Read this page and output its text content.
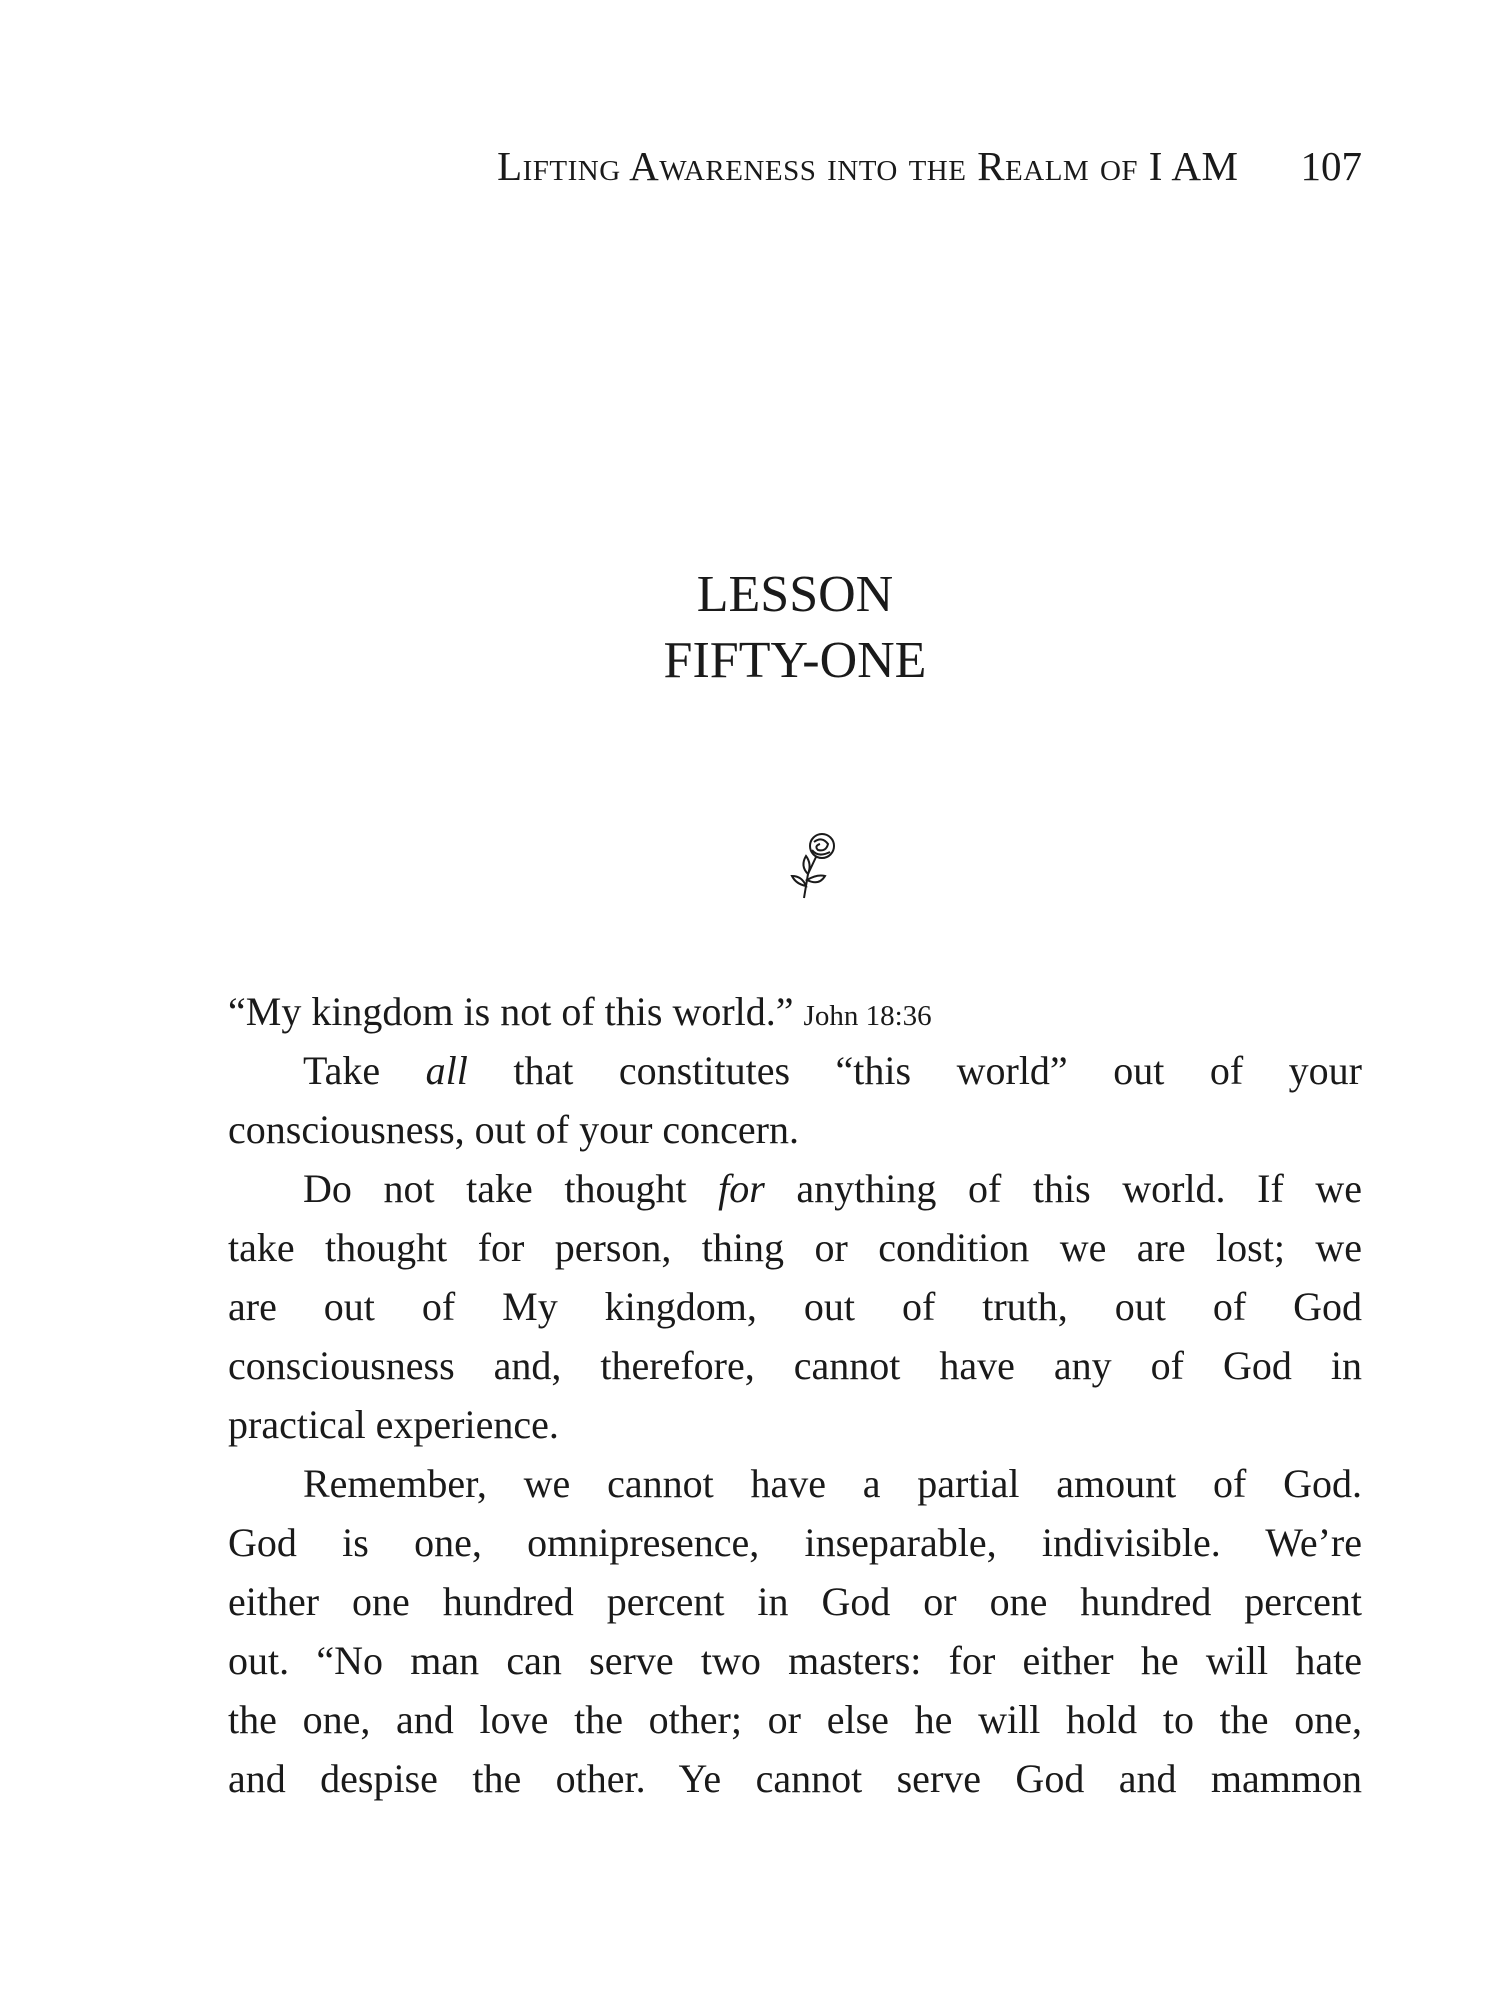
Lifting Awareness into the Realm of I AM 107
LESSON
FIFTY-ONE
“My kingdom is not of this world.” John 18:36
Take all that constitutes “this world” out of your
consciousness, out of your concern.
Do not take thought for anything of this world. If we
take thought for person, thing or condition we are lost; we
are out of My kingdom, out of truth, out of God
consciousness and, therefore, cannot have any of God in
practical experience.
Remember, we cannot have a partial amount of God.
God is one, omnipresence, inseparable, indivisible. We’re
either one hundred percent in God or one hundred percent
out. “No man can serve two masters: for either he will hate
the one, and love the other; or else he will hold to the one,
and despise the other. Ye cannot serve God and mammon
